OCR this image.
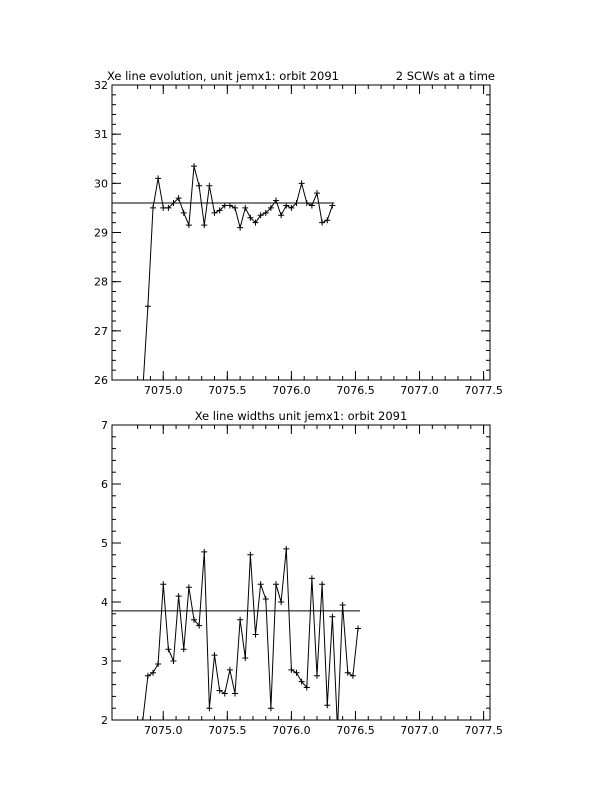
Xe line evolution, unit jemx1: orbit 2091	2 SCWs at a time
7075.0 7075.5 7076.0 7076.5 7077.0 7077.5
26
27
28
29
30
31
32
Xe line widths unit jemx1: orbit 2091
7075.0 7075.5 7076.0 7076.5 7077.0 7077.5
2
3
4
5
6
7
